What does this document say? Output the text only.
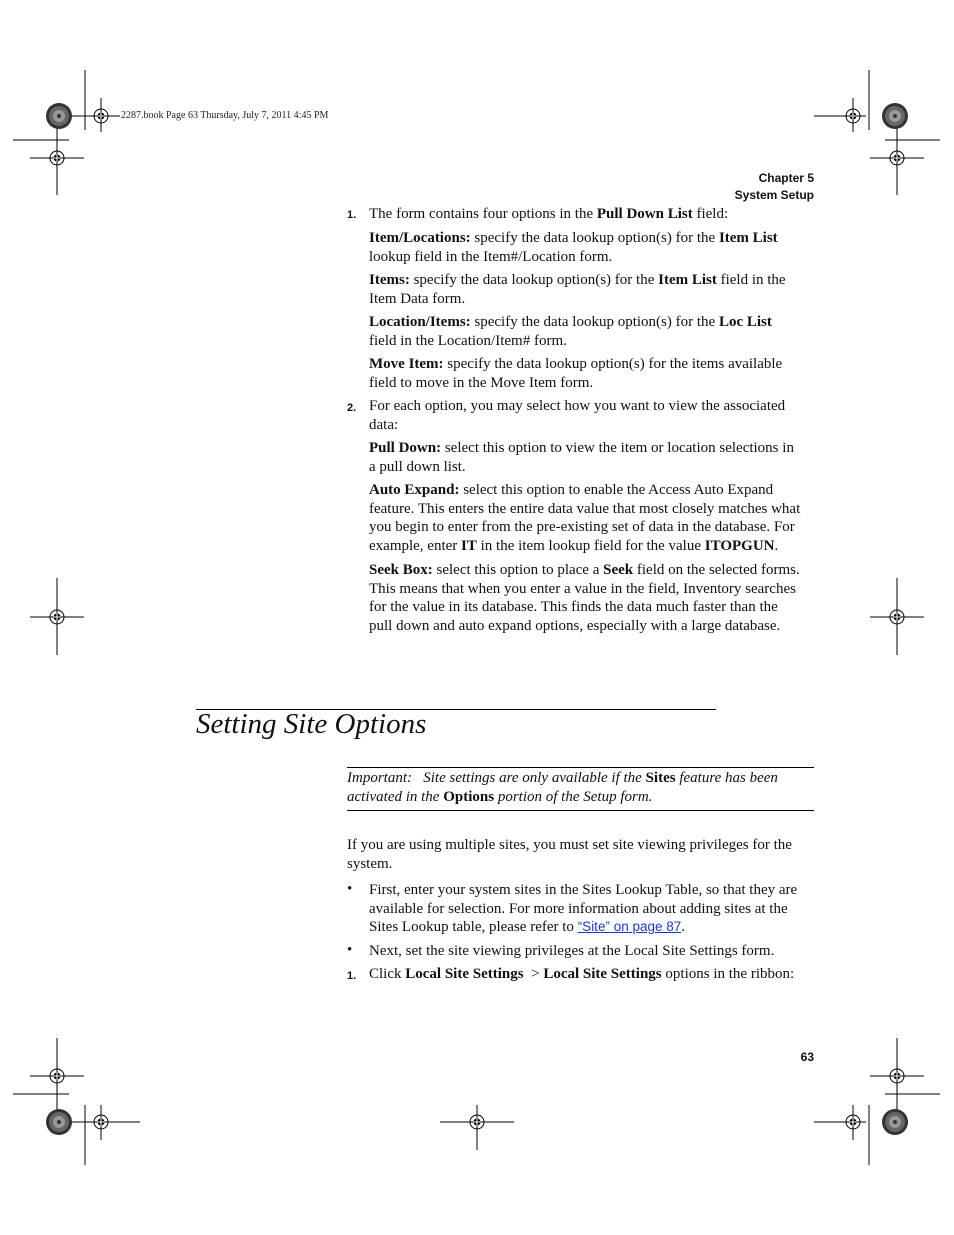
2287.book Page 63 Thursday, July 7, 2011 4:45 PM
Chapter 5
System Setup
1. The form contains four options in the Pull Down List field:
Item/Locations: specify the data lookup option(s) for the Item List
lookup field in the Item#/Location form.
Items: specify the data lookup option(s) for the Item List field in the
Item Data form.
Location/Items: specify the data lookup option(s) for the Loc List
field in the Location/Item# form.
Move Item: specify the data lookup option(s) for the items available
field to move in the Move Item form.
2. For each option, you may select how you want to view the associated
data:
Pull Down: select this option to view the item or location selections in
a pull down list.
Auto Expand: select this option to enable the Access Auto Expand
feature. This enters the entire data value that most closely matches what
you begin to enter from the pre-existing set of data in the database. For
example, enter IT in the item lookup field for the value ITOPGUN.
Seek Box: select this option to place a Seek field on the selected forms.
This means that when you enter a value in the field, Inventory searches
for the value in its database. This finds the data much faster than the
pull down and auto expand options, especially with a large database.
Setting Site Options
Important: Site settings are only available if the Sites feature has been
activated in the Options portion of the Setup form.
If you are using multiple sites, you must set site viewing privileges for the
system.
• First, enter your system sites in the Sites Lookup Table, so that they are
available for selection. For more information about adding sites at the
Sites Lookup table, please refer to “Site” on page 87.
• Next, set the site viewing privileges at the Local Site Settings form.
1. Click Local Site Settings  > Local Site Settings options in the ribbon:
63
